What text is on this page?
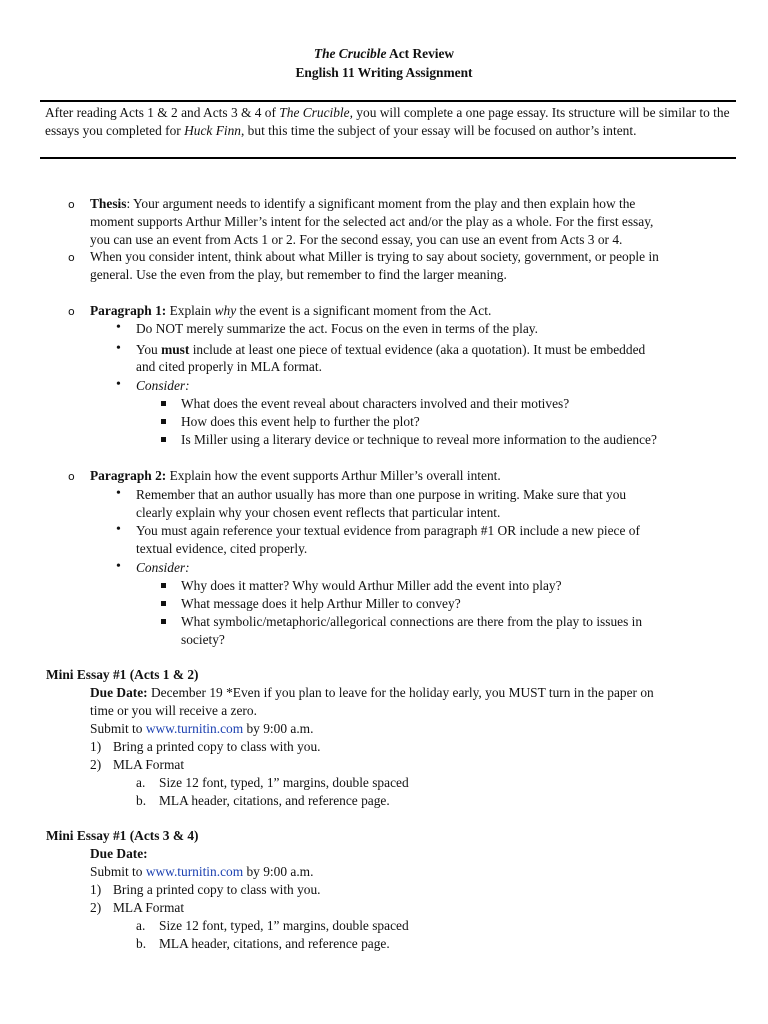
The Crucible Act Review
English 11 Writing Assignment
After reading Acts 1 & 2 and Acts 3 & 4 of The Crucible, you will complete a one page essay. Its structure will be similar to the essays you completed for Huck Finn, but this time the subject of your essay will be focused on author’s intent.
o Thesis: Your argument needs to identify a significant moment from the play and then explain how the
moment supports Arthur Miller’s intent for the selected act and/or the play as a whole. For the first essay,
you can use an event from Acts 1 or 2. For the second essay, you can use an event from Acts 3 or 4.
o When you consider intent, think about what Miller is trying to say about society, government, or people in
general. Use the even from the play, but remember to find the larger meaning.
o Paragraph 1: Explain why the event is a significant moment from the Act.
• Do NOT merely summarize the act. Focus on the even in terms of the play.
• You must include at least one piece of textual evidence (aka a quotation). It must be embedded
and cited properly in MLA format.
• Consider:
What does the event reveal about characters involved and their motives?
How does this event help to further the plot?
Is Miller using a literary device or technique to reveal more information to the audience?
o Paragraph 2: Explain how the event supports Arthur Miller’s overall intent.
• Remember that an author usually has more than one purpose in writing. Make sure that you
clearly explain why your chosen event reflects that particular intent.
• You must again reference your textual evidence from paragraph #1 OR include a new piece of
textual evidence, cited properly.
• Consider:
Why does it matter? Why would Arthur Miller add the event into play?
What message does it help Arthur Miller to convey?
What symbolic/metaphoric/allegorical connections are there from the play to issues in
society?
Mini Essay #1 (Acts 1 & 2)
Due Date: December 19 *Even if you plan to leave for the holiday early, you MUST turn in the paper on
time or you will receive a zero.
Submit to www.turnitin.com by 9:00 a.m.
1) Bring a printed copy to class with you.
2) MLA Format
a. Size 12 font, typed, 1” margins, double spaced
b. MLA header, citations, and reference page.
Mini Essay #1 (Acts 3 & 4)
Due Date:
Submit to www.turnitin.com by 9:00 a.m.
1) Bring a printed copy to class with you.
2) MLA Format
a. Size 12 font, typed, 1” margins, double spaced
b. MLA header, citations, and reference page.
